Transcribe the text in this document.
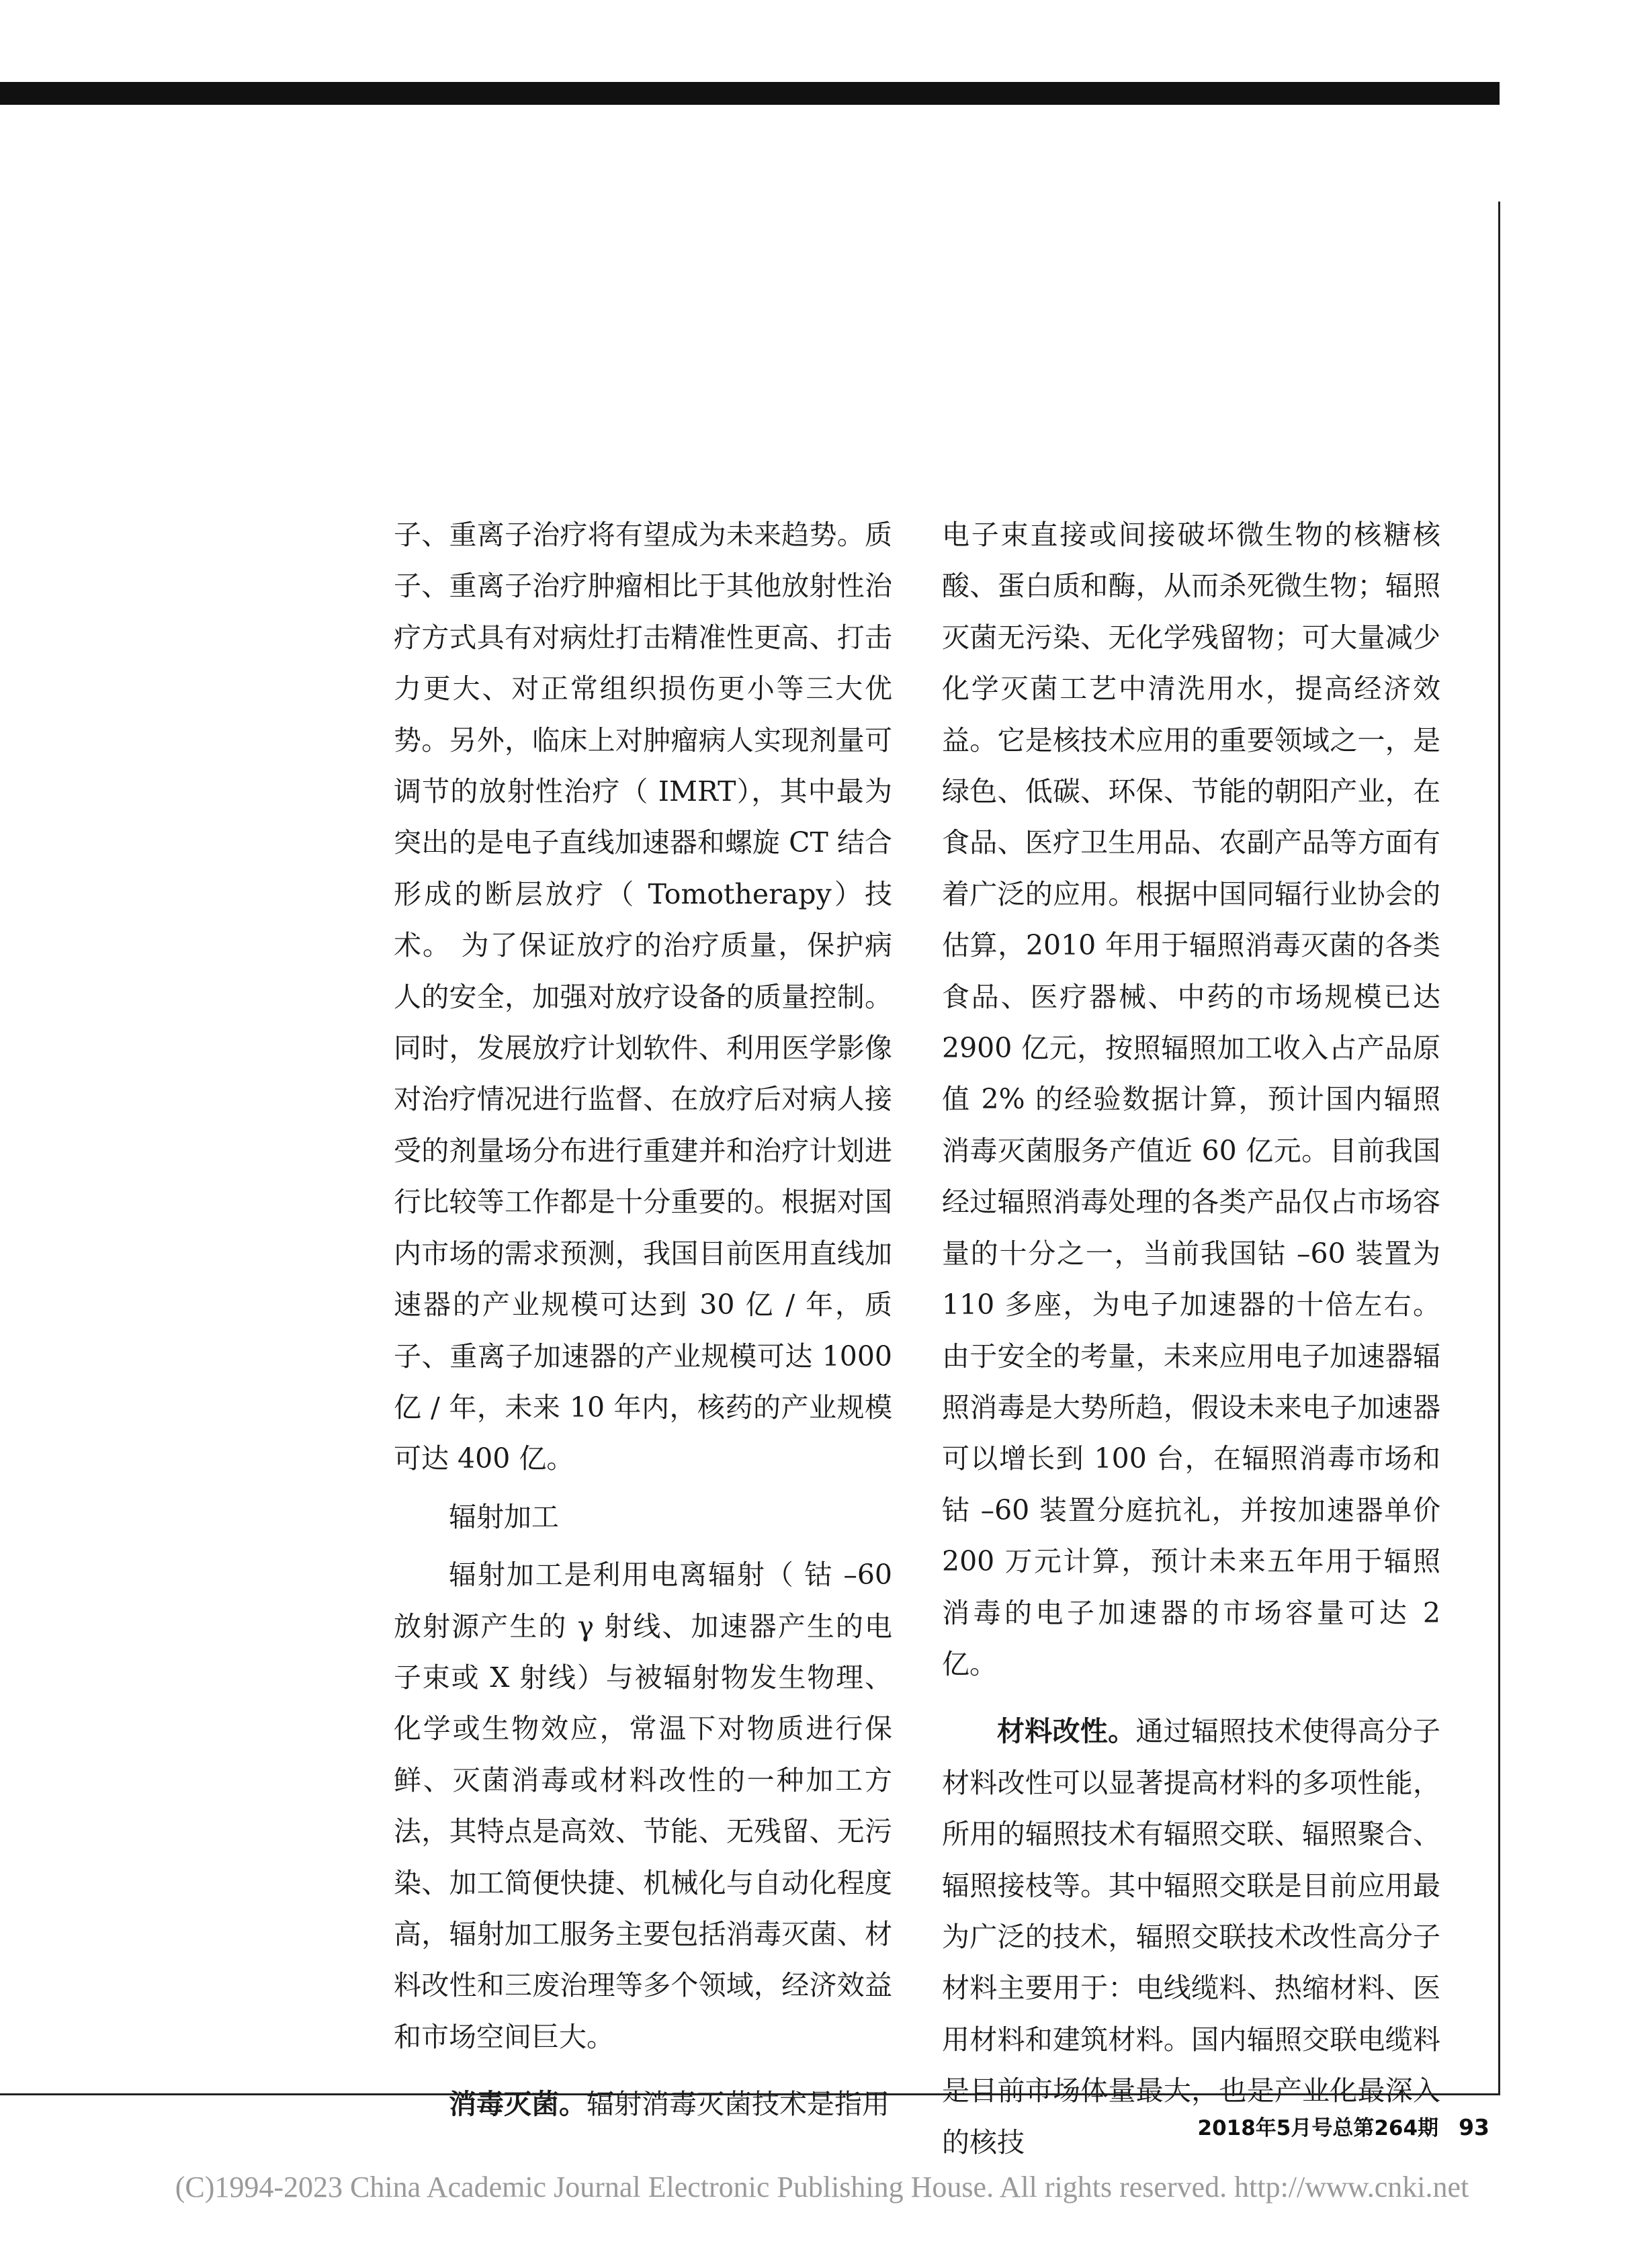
子、重离子治疗将有望成为未来趋势。质子、重离子治疗肿瘤相比于其他放射性治疗方式具有对病灶打击精准性更高、打击力更大、对正常组织损伤更小等三大优势。另外，临床上对肿瘤病人实现剂量可调节的放射性治疗（ IMRT），其中最为突出的是电子直线加速器和螺旋 CT 结合形成的断层放疗（ Tomotherapy）技术。 为了保证放疗的治疗质量，保护病人的安全，加强对放疗设备的质量控制。 同时，发展放疗计划软件、利用医学影像对治疗情况进行监督、在放疗后对病人接受的剂量场分布进行重建并和治疗计划进行比较等工作都是十分重要的。根据对国内市场的需求预测，我国目前医用直线加速器的产业规模可达到 30 亿 / 年，质子、重离子加速器的产业规模可达 1000 亿 / 年，未来 10 年内，核药的产业规模可达 400 亿。

辐射加工

辐射加工是利用电离辐射（ 钴 –60 放射源产生的 γ 射线、加速器产生的电子束或 X 射线）与被辐射物发生物理、化学或生物效应，常温下对物质进行保鲜、灭菌消毒或材料改性的一种加工方法，其特点是高效、节能、无残留、无污染、加工简便快捷、机械化与自动化程度高，辐射加工服务主要包括消毒灭菌、材料改性和三废治理等多个领域，经济效益和市场空间巨大。

消毒灭菌。辐射消毒灭菌技术是指用

电子束直接或间接破坏微生物的核糖核酸、蛋白质和酶，从而杀死微生物；辐照灭菌无污染、无化学残留物；可大量减少化学灭菌工艺中清洗用水，提高经济效益。它是核技术应用的重要领域之一，是绿色、低碳、环保、节能的朝阳产业，在食品、医疗卫生用品、农副产品等方面有着广泛的应用。根据中国同辐行业协会的估算，2010 年用于辐照消毒灭菌的各类食品、医疗器械、中药的市场规模已达 2900 亿元，按照辐照加工收入占产品原值 2% 的经验数据计算，预计国内辐照消毒灭菌服务产值近 60 亿元。目前我国经过辐照消毒处理的各类产品仅占市场容量的十分之一，当前我国钴 –60 装置为 110 多座，为电子加速器的十倍左右。由于安全的考量，未来应用电子加速器辐照消毒是大势所趋，假设未来电子加速器可以增长到 100 台，在辐照消毒市场和钴 –60 装置分庭抗礼，并按加速器单价 200 万元计算，预计未来五年用于辐照消毒的电子加速器的市场容量可达 2 亿。

材料改性。通过辐照技术使得高分子材料改性可以显著提高材料的多项性能，所用的辐照技术有辐照交联、辐照聚合、辐照接枝等。其中辐照交联是目前应用最为广泛的技术，辐照交联技术改性高分子材料主要用于：电线缆料、热缩材料、医用材料和建筑材料。国内辐照交联电缆料是目前市场体量最大，也是产业化最深入的核技	2018年5月号总第264期 93
(C)1994-2023 China Academic Journal Electronic Publishing House. All rights reserved. http://www.cnki.net
